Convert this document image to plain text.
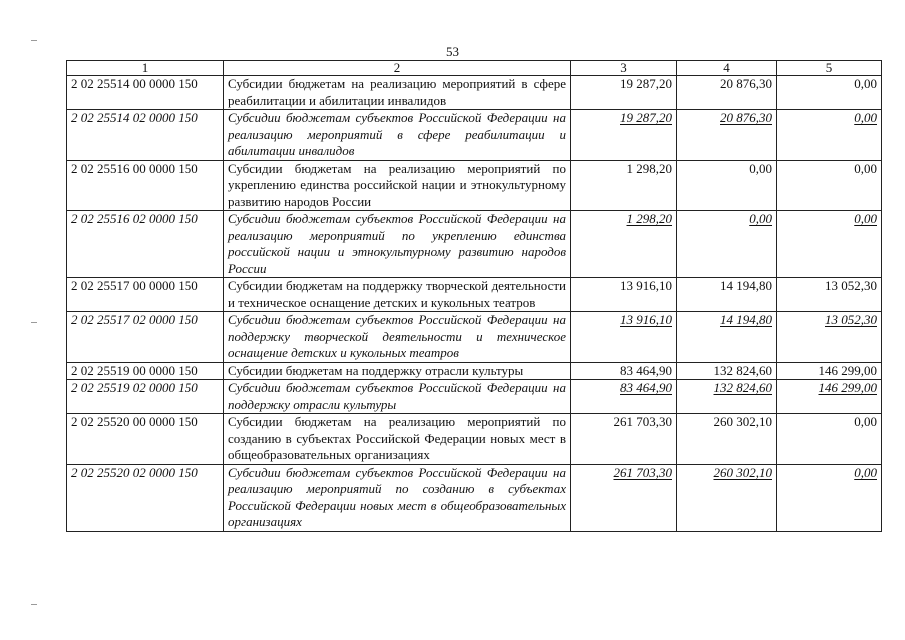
53
1	2	3	4	5
2 02 25514 00 0000 150	Субсидии бюджетам на реализацию мероприятий в сфере реабилитации и абилитации инвалидов	19 287,20	20 876,30	0,00
2 02 25514 02 0000 150	Субсидии бюджетам субъектов Российской Федерации на реализацию мероприятий в сфере реабилитации и абилитации инвалидов	19 287,20	20 876,30	0,00
2 02 25516 00 0000 150	Субсидии бюджетам на реализацию мероприятий по укреплению единства российской нации и этнокультурному развитию народов России	1 298,20	0,00	0,00
2 02 25516 02 0000 150	Субсидии бюджетам субъектов Российской Федерации на реализацию мероприятий по укреплению единства российской нации и этнокультурному развитию народов России	1 298,20	0,00	0,00
2 02 25517 00 0000 150	Субсидии бюджетам на поддержку творческой деятельности и техническое оснащение детских и кукольных театров	13 916,10	14 194,80	13 052,30
2 02 25517 02 0000 150	Субсидии бюджетам субъектов Российской Федерации на поддержку творческой деятельности и техническое оснащение детских и кукольных театров	13 916,10	14 194,80	13 052,30
2 02 25519 00 0000 150	Субсидии бюджетам на поддержку отрасли культуры	83 464,90	132 824,60	146 299,00
2 02 25519 02 0000 150	Субсидии бюджетам субъектов Российской Федерации на поддержку отрасли культуры	83 464,90	132 824,60	146 299,00
2 02 25520 00 0000 150	Субсидии бюджетам на реализацию мероприятий по созданию в субъектах Российской Федерации новых мест в общеобразовательных организациях	261 703,30	260 302,10	0,00
2 02 25520 02 0000 150	Субсидии бюджетам субъектов Российской Федерации на реализацию мероприятий по созданию в субъектах Российской Федерации новых мест в общеобразовательных организациях	261 703,30	260 302,10	0,00
